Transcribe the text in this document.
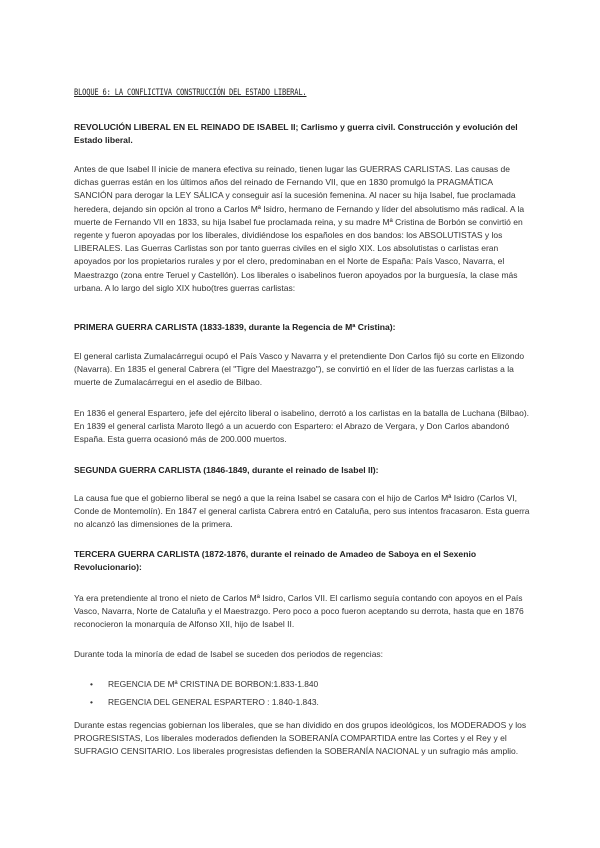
BLOQUE 6: LA CONFLICTIVA CONSTRUCCIÓN DEL ESTADO LIBERAL.

REVOLUCIÓN LIBERAL EN EL REINADO DE ISABEL II; Carlismo y guerra civil. Construcción y evolución del Estado liberal.

Antes de que Isabel II inicie de manera efectiva su reinado, tienen lugar las GUERRAS CARLISTAS. Las causas de dichas guerras están en los últimos años del reinado de Fernando VII, que en 1830 promulgó la PRAGMÁTICA SANCIÓN para derogar la LEY SÁLICA y conseguir así la sucesión femenina. Al nacer su hija Isabel, fue proclamada heredera, dejando sin opción al trono a Carlos Mª Isidro, hermano de Fernando y líder del absolutismo más radical. A la muerte de Fernando VII en 1833, su hija Isabel fue proclamada reina, y su madre Mª Cristina de Borbón se convirtió en regente y fueron apoyadas por los liberales, dividiéndose los españoles en dos bandos: los ABSOLUTISTAS y los LIBERALES. Las Guerras Carlistas son por tanto guerras civiles en el siglo XIX. Los absolutistas o carlistas eran apoyados por los propietarios rurales y por el clero, predominaban en el Norte de España: País Vasco, Navarra, el Maestrazgo (zona entre Teruel y Castellón). Los liberales o isabelinos fueron apoyados por la burguesía, la clase más urbana. A lo largo del siglo XIX hubo(tres guerras carlistas:

PRIMERA GUERRA CARLISTA (1833-1839, durante la Regencia de Mª Cristina):

El general carlista Zumalacárregui ocupó el País Vasco y Navarra y el pretendiente Don Carlos fijó su corte en Elizondo (Navarra). En 1835 el general Cabrera (el "Tigre del Maestrazgo"), se convirtió en el líder de las fuerzas carlistas a la muerte de Zumalacárregui en el asedio de Bilbao.

En 1836 el general Espartero, jefe del ejército liberal o isabelino, derrotó a los carlistas en la batalla de Luchana (Bilbao). En 1839 el general carlista Maroto llegó a un acuerdo con Espartero: el Abrazo de Vergara, y Don Carlos abandonó España. Esta guerra ocasionó más de 200.000 muertos.

SEGUNDA GUERRA CARLISTA (1846-1849, durante el reinado de Isabel II):

La causa fue que el gobierno liberal se negó a que la reina Isabel se casara con el hijo de Carlos Mª Isidro (Carlos VI, Conde de Montemolín). En 1847 el general carlista Cabrera entró en Cataluña, pero sus intentos fracasaron. Esta guerra no alcanzó las dimensiones de la primera.

TERCERA GUERRA CARLISTA (1872-1876, durante el reinado de Amadeo de Saboya en el Sexenio Revolucionario):

Ya era pretendiente al trono el nieto de Carlos Mª Isidro, Carlos VII. El carlismo seguía contando con apoyos en el País Vasco, Navarra, Norte de Cataluña y el Maestrazgo. Pero poco a poco fueron aceptando su derrota, hasta que en 1876 reconocieron la monarquía de Alfonso XII, hijo de Isabel II.

Durante toda la minoría de edad de Isabel se suceden dos periodos de regencias:

• REGENCIA DE Mª CRISTINA DE BORBON:1.833-1.840
• REGENCIA DEL GENERAL ESPARTERO : 1.840-1.843.

Durante estas regencias gobiernan los liberales, que se han dividido en dos grupos ideológicos, los MODERADOS y los PROGRESISTAS, Los liberales moderados defienden la SOBERANÍA COMPARTIDA entre las Cortes y el Rey y el SUFRAGIO CENSITARIO. Los liberales progresistas defienden la SOBERANÍA NACIONAL y un sufragio más amplio.
